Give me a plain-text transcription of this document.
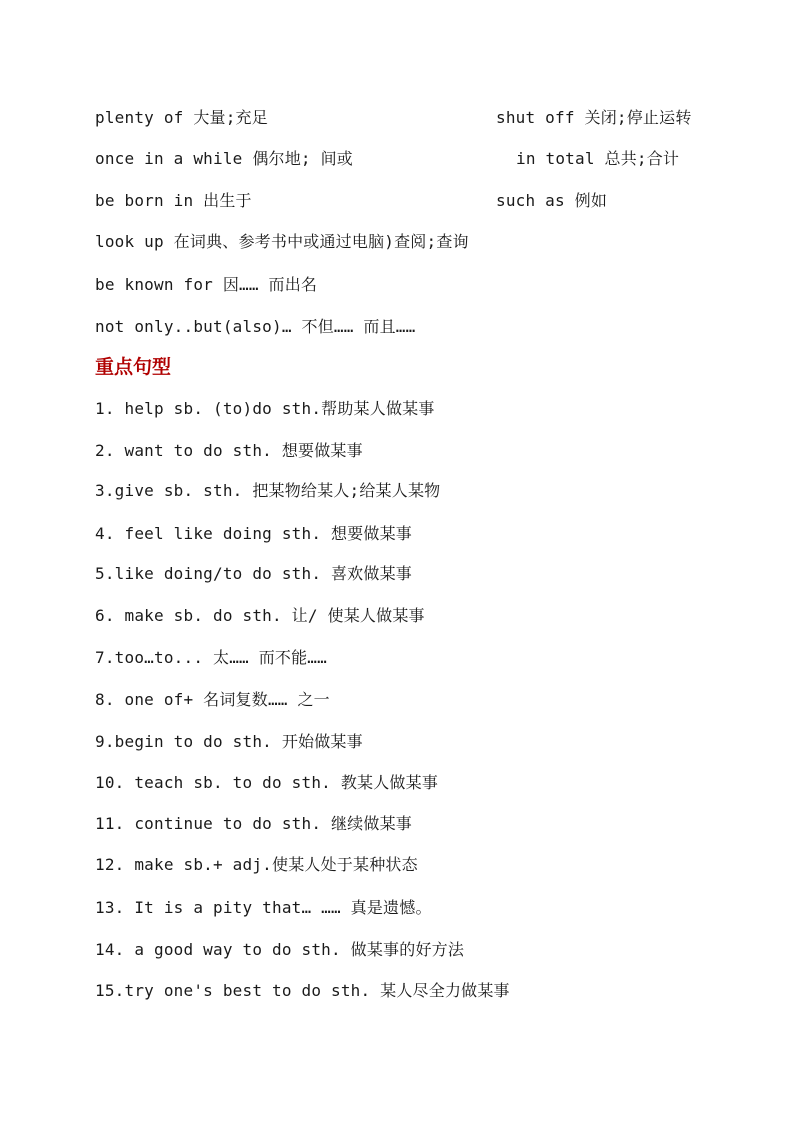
plenty of 大量;充足
once in a while 偶尔地; 间或
be born in 出生于
look up 在词典、参考书中或通过电脑)查阅;查询
be known for 因…… 而出名
not only..but(also)… 不但…… 而且……
shut off 关闭;停止运转
in total 总共;合计
such as 例如
重点句型
1. help sb. (to)do sth.帮助某人做某事
2. want to do sth. 想要做某事
3.give sb. sth. 把某物给某人;给某人某物
4. feel like doing sth. 想要做某事
5.like doing/to do sth. 喜欢做某事
6. make sb. do sth. 让/ 使某人做某事
7.too…to... 太…… 而不能……
8. one of+ 名词复数…… 之一
9.begin to do sth. 开始做某事
10. teach sb. to do sth. 教某人做某事
11. continue to do sth. 继续做某事
12. make sb.+ adj.使某人处于某种状态
13. It is a pity that… …… 真是遗憾。
14. a good way to do sth. 做某事的好方法
15.try one's best to do sth. 某人尽全力做某事
